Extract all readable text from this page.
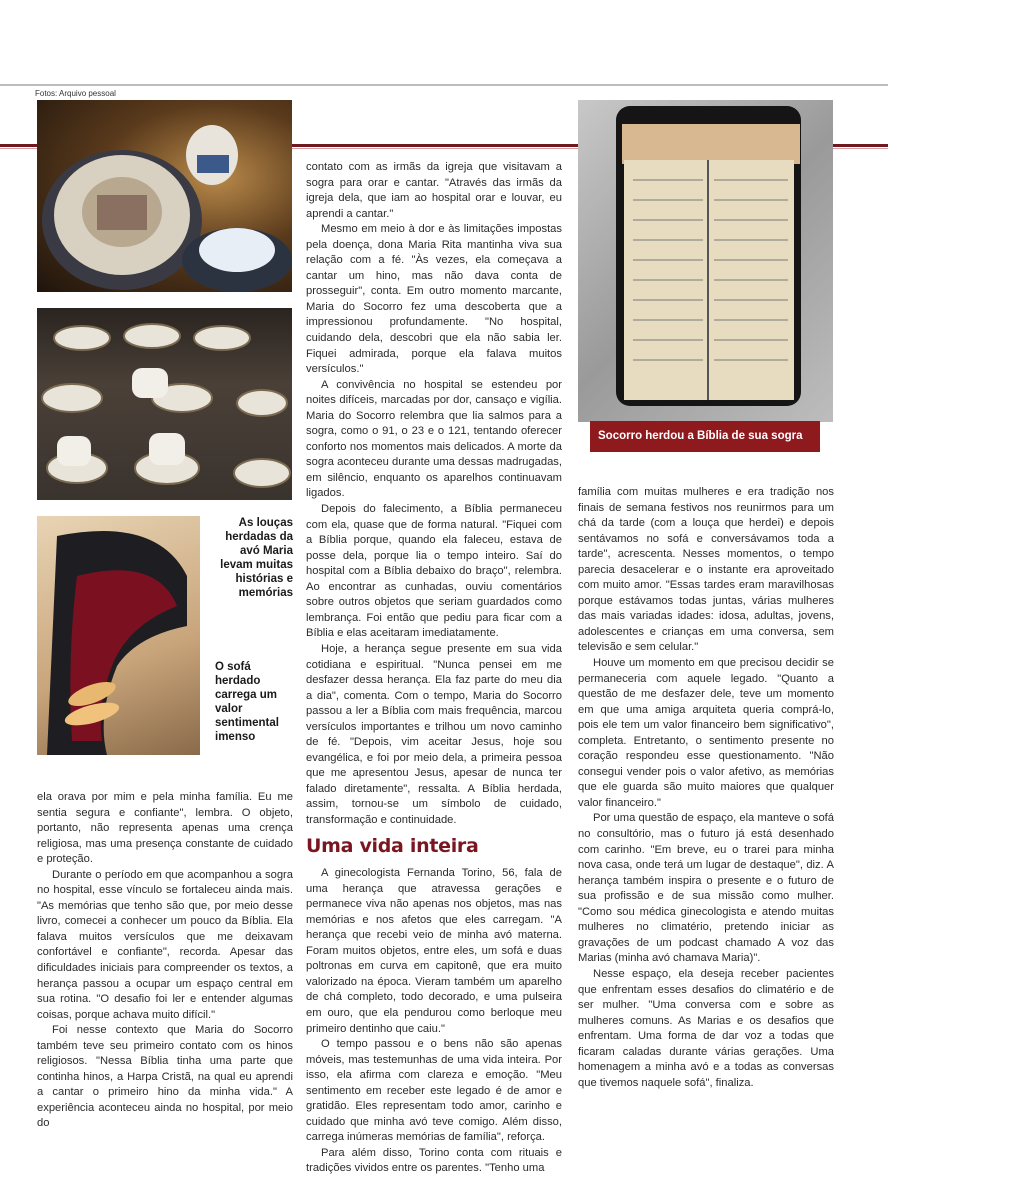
Fotos: Arquivo pessoal
As louças herdadas da avó Maria levam muitas histórias e memórias
O sofá herdado carrega um valor sentimental imenso
Socorro herdou a Bíblia de sua sogra

ela orava por mim e pela minha família. Eu me sentia segura e confiante", lembra. O objeto, portanto, não representa apenas uma crença religiosa, mas uma presença constante de cuidado e proteção.

Durante o período em que acompanhou a sogra no hospital, esse vínculo se fortaleceu ainda mais. "As memórias que tenho são que, por meio desse livro, comecei a conhecer um pouco da Bíblia. Ela falava muitos versículos que me deixavam confortável e confiante", recorda. Apesar das dificuldades iniciais para compreender os textos, a herança passou a ocupar um espaço central em sua rotina. "O desafio foi ler e entender algumas coisas, porque achava muito difícil."

Foi nesse contexto que Maria do Socorro também teve seu primeiro contato com os hinos religiosos. "Nessa Bíblia tinha uma parte que continha hinos, a Harpa Cristã, na qual eu aprendi a cantar o primeiro hino da minha vida." A experiência aconteceu ainda no hospital, por meio do

contato com as irmãs da igreja que visitavam a sogra para orar e cantar. "Através das irmãs da igreja dela, que iam ao hospital orar e louvar, eu aprendi a cantar."

Mesmo em meio à dor e às limitações impostas pela doença, dona Maria Rita mantinha viva sua relação com a fé. "Às vezes, ela começava a cantar um hino, mas não dava conta de prosseguir", conta. Em outro momento marcante, Maria do Socorro fez uma descoberta que a impressionou profundamente. "No hospital, cuidando dela, descobri que ela não sabia ler. Fiquei admirada, porque ela falava muitos versículos."

A convivência no hospital se estendeu por noites difíceis, marcadas por dor, cansaço e vigília. Maria do Socorro relembra que lia salmos para a sogra, como o 91, o 23 e o 121, tentando oferecer conforto nos momentos mais delicados. A morte da sogra aconteceu durante uma dessas madrugadas, em silêncio, enquanto os aparelhos continuavam ligados.

Depois do falecimento, a Bíblia permaneceu com ela, quase que de forma natural. "Fiquei com a Bíblia porque, quando ela faleceu, estava de posse dela, porque lia o tempo inteiro. Saí do hospital com a Bíblia debaixo do braço", relembra. Ao encontrar as cunhadas, ouviu comentários sobre outros objetos que seriam guardados como lembrança. Foi então que pediu para ficar com a Bíblia e elas aceitaram imediatamente.

Hoje, a herança segue presente em sua vida cotidiana e espiritual. "Nunca pensei em me desfazer dessa herança. Ela faz parte do meu dia a dia", comenta. Com o tempo, Maria do Socorro passou a ler a Bíblia com mais frequência, marcou versículos importantes e trilhou um novo caminho de fé. "Depois, vim aceitar Jesus, hoje sou evangélica, e foi por meio dela, a primeira pessoa que me apresentou Jesus, apesar de nunca ter falado diretamente", ressalta. A Bíblia herdada, assim, tornou-se um símbolo de cuidado, transformação e continuidade.

Uma vida inteira

A ginecologista Fernanda Torino, 56, fala de uma herança que atravessa gerações e permanece viva não apenas nos objetos, mas nas memórias e nos afetos que eles carregam. "A herança que recebi veio de minha avó materna. Foram muitos objetos, entre eles, um sofá e duas poltronas em curva em capitonê, que era muito valorizado na época. Vieram também um aparelho de chá completo, todo decorado, e uma pulseira em ouro, que ela pendurou como berloque meu primeiro dentinho que caiu."

O tempo passou e o bens não são apenas móveis, mas testemunhas de uma vida inteira. Por isso, ela afirma com clareza e emoção. "Meu sentimento em receber este legado é de amor e gratidão. Eles representam todo amor, carinho e cuidado que minha avó teve comigo. Além disso, carrega inúmeras memórias de família", reforça.

Para além disso, Torino conta com rituais e tradições vividos entre os parentes. "Tenho uma

família com muitas mulheres e era tradição nos finais de semana festivos nos reunirmos para um chá da tarde (com a louça que herdei) e depois sentávamos no sofá e conversávamos toda a tarde", acrescenta. Nesses momentos, o tempo parecia desacelerar e o instante era aproveitado com muito amor. "Essas tardes eram maravilhosas porque estávamos todas juntas, várias mulheres das mais variadas idades: idosa, adultas, jovens, adolescentes e crianças em uma conversa, sem televisão e sem celular."

Houve um momento em que precisou decidir se permaneceria com aquele legado. "Quanto a questão de me desfazer dele, teve um momento em que uma amiga arquiteta queria comprá-lo, pois ele tem um valor financeiro bem significativo", completa. Entretanto, o sentimento presente no coração respondeu esse questionamento. "Não consegui vender pois o valor afetivo, as memórias que ele guarda são muito maiores que qualquer valor financeiro."

Por uma questão de espaço, ela manteve o sofá no consultório, mas o futuro já está desenhado com carinho. "Em breve, eu o trarei para minha nova casa, onde terá um lugar de destaque", diz. A herança também inspira o presente e o futuro de sua profissão e de sua missão como mulher. "Como sou médica ginecologista e atendo muitas mulheres no climatério, pretendo iniciar as gravações de um podcast chamado A voz das Marias (minha avó chamava Maria)".

Nesse espaço, ela deseja receber pacientes que enfrentam esses desafios do climatério e de ser mulher. "Uma conversa com e sobre as mulheres comuns. As Marias e os desafios que enfrentam. Uma forma de dar voz a todas que ficaram caladas durante várias gerações. Uma homenagem a minha avó e a todas as conversas que tivemos naquele sofá", finaliza.
